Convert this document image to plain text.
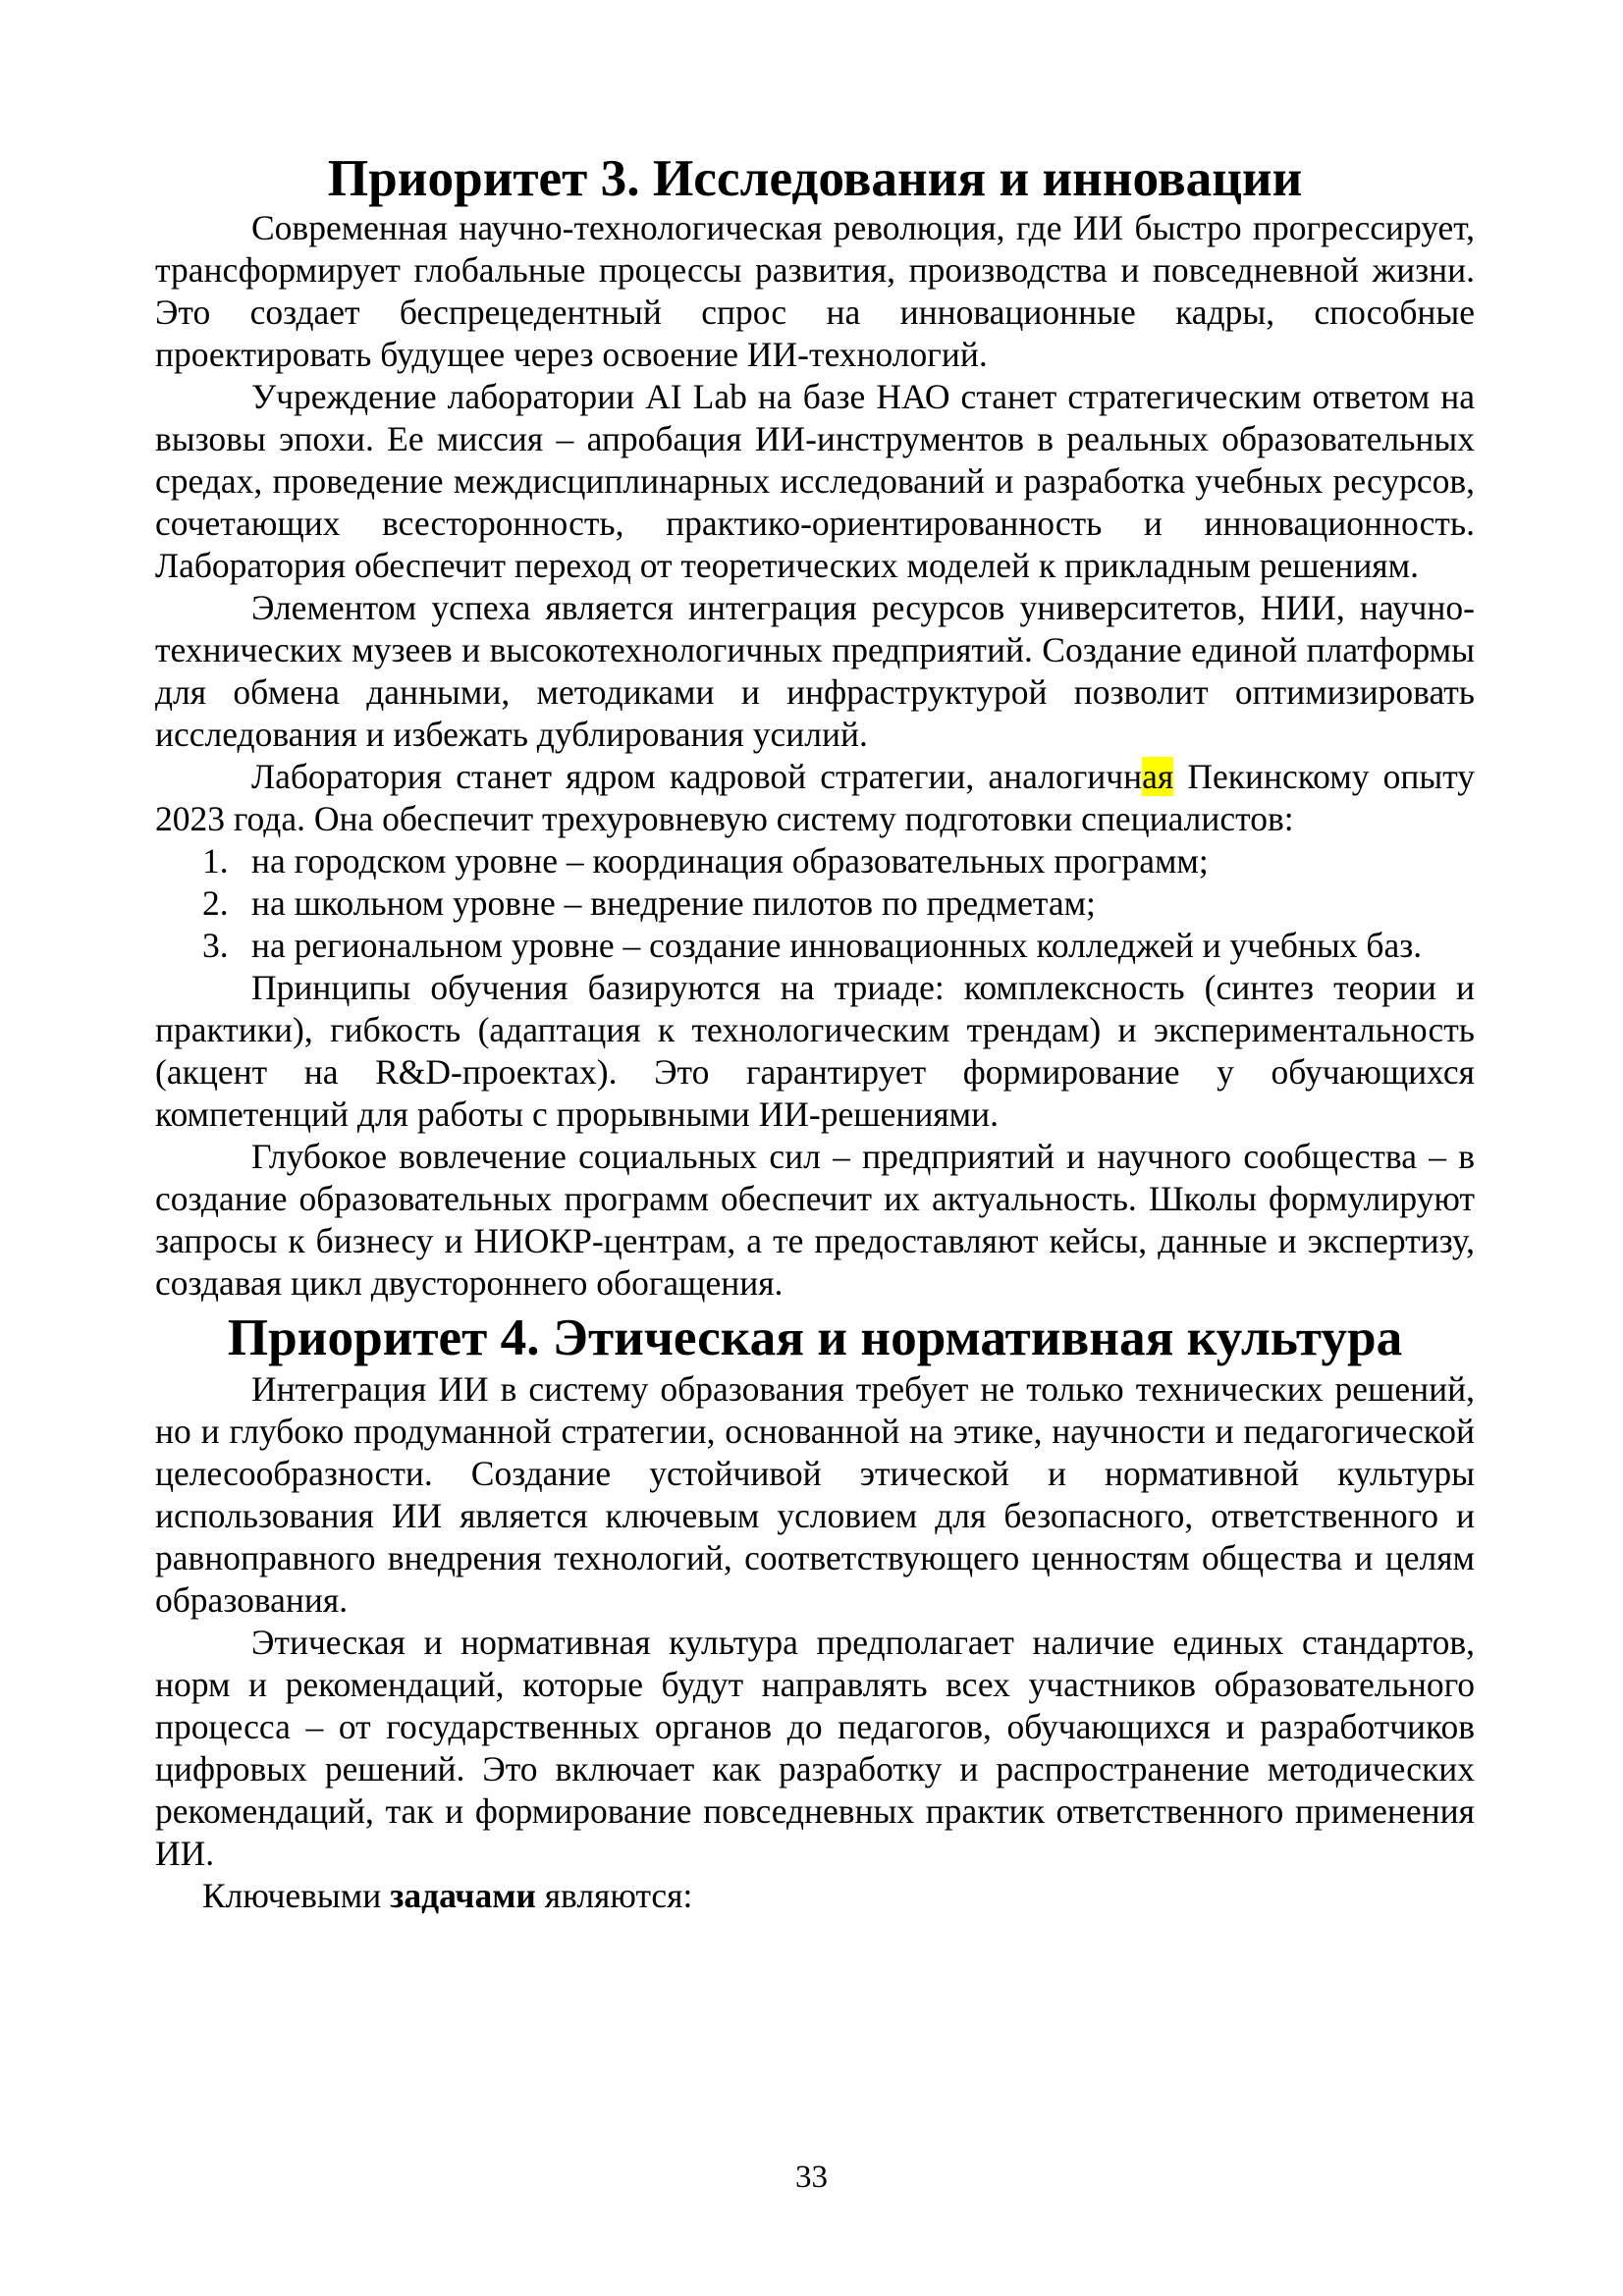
Приоритет 3. Исследования и инновации

Современная научно-технологическая революция, где ИИ быстро прогрессирует, трансформирует глобальные процессы развития, производства и повседневной жизни. Это создает беспрецедентный спрос на инновационные кадры, способные проектировать будущее через освоение ИИ-технологий.

Учреждение лаборатории AI Lab на базе НАО станет стратегическим ответом на вызовы эпохи. Ее миссия – апробация ИИ-инструментов в реальных образовательных средах, проведение междисциплинарных исследований и разработка учебных ресурсов, сочетающих всесторонность, практико-ориентированность и инновационность. Лаборатория обеспечит переход от теоретических моделей к прикладным решениям.

Элементом успеха является интеграция ресурсов университетов, НИИ, научно-технических музеев и высокотехнологичных предприятий. Создание единой платформы для обмена данными, методиками и инфраструктурой позволит оптимизировать исследования и избежать дублирования усилий.

Лаборатория станет ядром кадровой стратегии, аналогичная Пекинскому опыту 2023 года. Она обеспечит трехуровневую систему подготовки специалистов:

1. на городском уровне – координация образовательных программ;
2. на школьном уровне – внедрение пилотов по предметам;
3. на региональном уровне – создание инновационных колледжей и учебных баз.

Принципы обучения базируются на триаде: комплексность (синтез теории и практики), гибкость (адаптация к технологическим трендам) и экспериментальность (акцент на R&D-проектах). Это гарантирует формирование у обучающихся компетенций для работы с прорывными ИИ-решениями.

Глубокое вовлечение социальных сил – предприятий и научного сообщества – в создание образовательных программ обеспечит их актуальность. Школы формулируют запросы к бизнесу и НИОКР-центрам, а те предоставляют кейсы, данные и экспертизу, создавая цикл двустороннего обогащения.

Приоритет 4. Этическая и нормативная культура

Интеграция ИИ в систему образования требует не только технических решений, но и глубоко продуманной стратегии, основанной на этике, научности и педагогической целесообразности. Создание устойчивой этической и нормативной культуры использования ИИ является ключевым условием для безопасного, ответственного и равноправного внедрения технологий, соответствующего ценностям общества и целям образования.

Этическая и нормативная культура предполагает наличие единых стандартов, норм и рекомендаций, которые будут направлять всех участников образовательного процесса – от государственных органов до педагогов, обучающихся и разработчиков цифровых решений. Это включает как разработку и распространение методических рекомендаций, так и формирование повседневных практик ответственного применения ИИ.

Ключевыми задачами являются:

33
